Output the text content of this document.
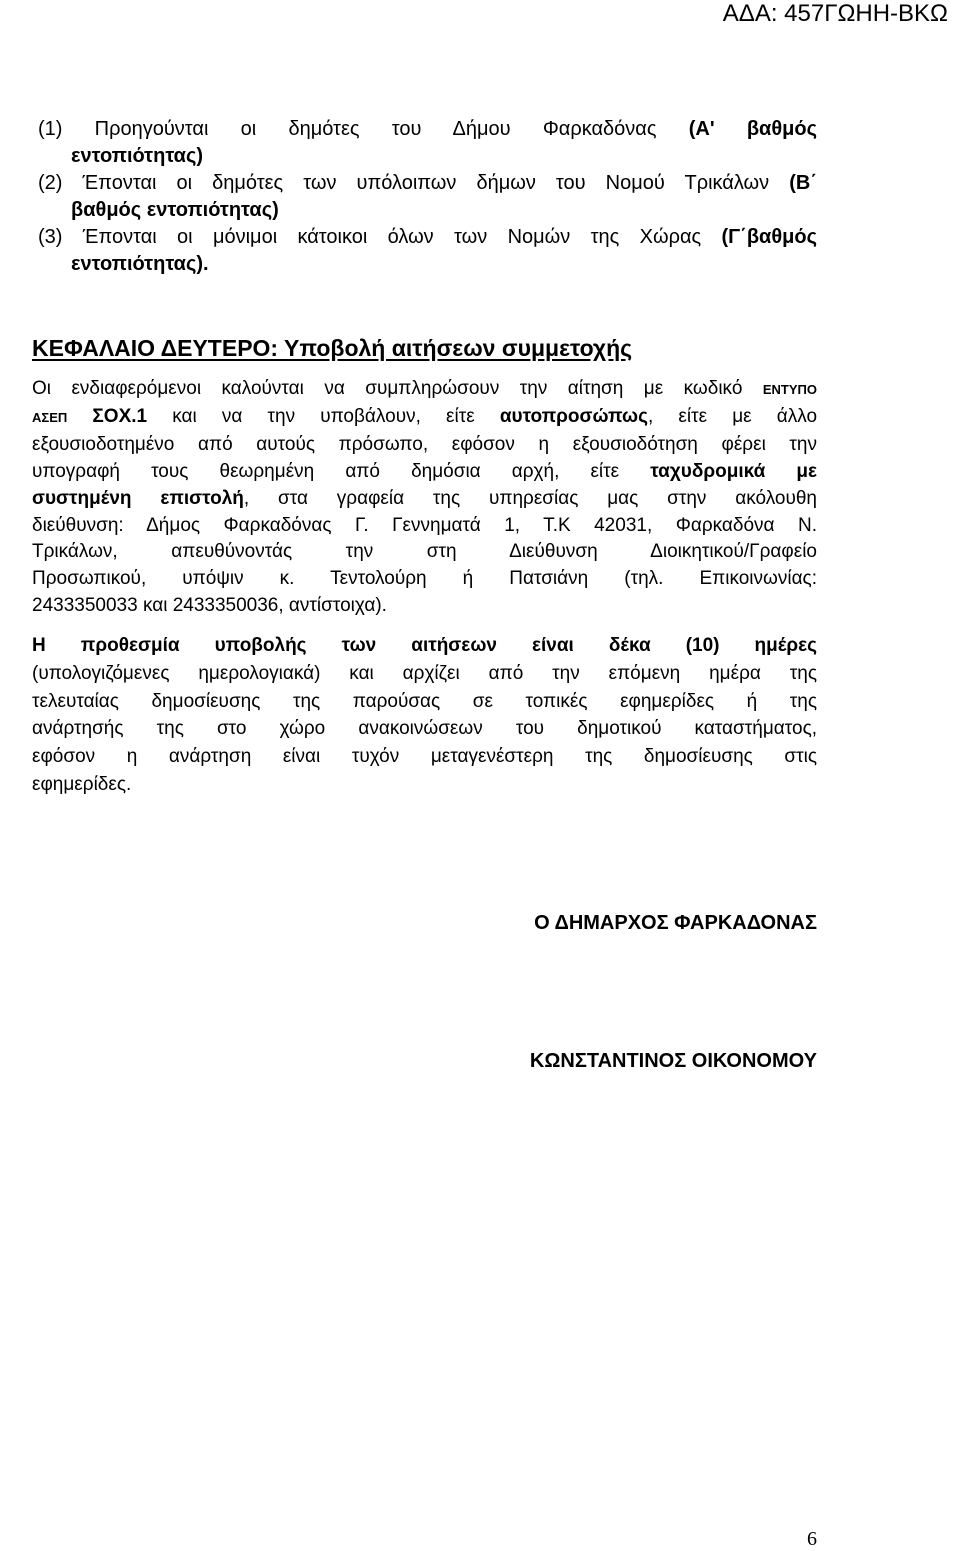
ΑΔΑ: 457ΓΩΗΗ-ΒΚΩ

(1) Προηγούνται οι δημότες του Δήμου Φαρκαδόνας (Α' βαθμός

εντοπιότητας)

(2) Έπονται οι δημότες των υπόλοιπων δήμων του Νομού Τρικάλων (Β΄

βαθμός εντοπιότητας)

(3) Έπονται οι μόνιμοι κάτοικοι όλων των Νομών της Χώρας (Γ΄βαθμός

εντοπιότητας).

ΚΕΦΑΛΑΙΟ ΔΕΥΤΕΡΟ: Υποβολή αιτήσεων συμμετοχής

Οι ενδιαφερόμενοι καλούνται να συμπληρώσουν την αίτηση με κωδικό ΕΝΤΥΠΟ

ΑΣΕΠ ΣΟΧ.1 και να την υποβάλουν, είτε αυτοπροσώπως, είτε με άλλο

εξουσιοδοτημένο από αυτούς πρόσωπο, εφόσον η εξουσιοδότηση φέρει την

υπογραφή τους θεωρημένη από δημόσια αρχή, είτε ταχυδρομικά με

συστημένη επιστολή, στα γραφεία της υπηρεσίας μας στην ακόλουθη

διεύθυνση: Δήμος Φαρκαδόνας Γ. Γεννηματά 1, Τ.Κ 42031, Φαρκαδόνα Ν.

Τρικάλων, απευθύνοντάς την στη Διεύθυνση Διοικητικού/Γραφείο

Προσωπικού, υπόψιν κ. Τεντολούρη ή Πατσιάνη (τηλ. Επικοινωνίας:

2433350033 και 2433350036, αντίστοιχα).

Η προθεσμία υποβολής των αιτήσεων είναι δέκα (10) ημέρες

(υπολογιζόμενες ημερολογιακά) και αρχίζει από την επόμενη ημέρα της

τελευταίας δημοσίευσης της παρούσας σε τοπικές εφημερίδες ή της

ανάρτησής της στο χώρο ανακοινώσεων του δημοτικού καταστήματος,

εφόσον η ανάρτηση είναι τυχόν μεταγενέστερη της δημοσίευσης στις

εφημερίδες.

Ο ΔΗΜΑΡΧΟΣ ΦΑΡΚΑΔΟΝΑΣ
ΚΩΝΣΤΑΝΤΙΝΟΣ ΟΙΚΟΝΟΜΟΥ
6
